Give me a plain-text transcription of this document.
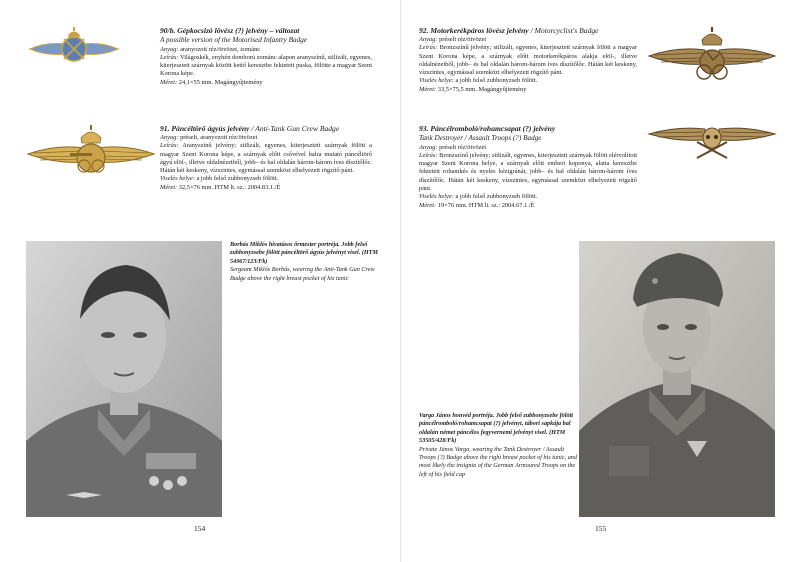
90/b. Gépkocsizó lövész (?) jelvény – változat
A possible version of the Motorised Infantry Badge
Anyag: aranyozott réz/ötvözet, zománc
Leírás: Világoskék, enyhén domború zománc alapon aranyszínű, stilizált, egyenes, kiterjesztett szárnyak között kettő keresztbe fektetett puska, fölötte a magyar Szent Korona képe.
Méret: 24,1×55 mm. Magángyűjtemény
91. Páncéltörő ágyús jelvény / Anti-Tank Gun Crew Badge
Anyag: préselt, aranyozott réz/ötvözet
Leírás: Aranyszínű jelvény; stilizált, egyenes, kiterjesztett szárnyak fölött a magyar Szent Korona képe, a szárnyak előtt csővével balra mutató páncéltörő ágyú elöl-, illetve oldalnézetből, jobb– és bal oldalán három-három íves díszítőlőc. Hátán két keskeny, vízszintes, egymással szemközt elhelyezett rögzítő pánt.
Viselés helye: a jobb felső zubbonyzseb fölött.
Méret: 32,5×76 mm. HTM lt. sz.: 2004.83.1./É
Borbás Miklós hivatásos őrmester portréja. Jobb felső zubbonyzsebe fölött páncéltörő ágyús jelvényt visel. (HTM 54967/123/Fk)
Sergeant Miklós Borbás, wearing the Anti-Tank Gun Crew Badge above the right breast pocket of his tunic
154
92. Motorkerékpáros lövész jelvény / Motorcyclist's Badge
Anyag: préselt réz/ötvözet
Leírás: Bronzszínű jelvény; stilizált, egyenes, kiterjesztett szárnyak fölött a magyar Szent Korona képe, a szárnyak előtt motorkerékpáros alakja elöl-, illetve oldalnézetből, jobb– és bal oldalán három-három íves díszítőlőc. Hátán két keskeny, vízszintes, egymással szemközt elhelyezett rögzítő pánt.
Viselés helye: a jobb felső zubbonyzseb fölött.
Méret: 33,5×75,5 mm. Magángyűjtemény
93. Páncélromboló/rohamcsapat (?) jelvény
Tank Destroyer / Assault Troops (?) Badge
Anyag: préselt réz/ötvözet
Leírás: Bronzszínű jelvény; stilizált, egyenes, kiterjesztett szárnyak fölött elérvolított magyar Szent Korona helye, a szárnyak előtt emberi koponya, alatta keresztbe fektetett rohamkés és nyeles kézigránát, jobb– és bal oldalán három-három íves díszítőlőc. Hátán két keskeny, vízszintes, egymással szemközt elhelyezett rögzítő pánt.
Viselés helye: a jobb felső zubbonyzseb fölött.
Méret: 19×76 mm. HTM lt. sz.: 2004.67.1./É
Varga János honvéd portréja. Jobb felső zubbonyzsebe fölött páncélromboló/rohamcsapat (?) jelvényt, tábori sapkája bal oldalán német páncélos fegyvernemi jelvényt visel. (HTM 53505/428/Fk)
Private János Varga, wearing the Tank Destroyer / Assault Troops (?) Badge above the right breast pocket of his tunic, and most likely the insignia of the German Armoured Troops on the left of his field cap
155
